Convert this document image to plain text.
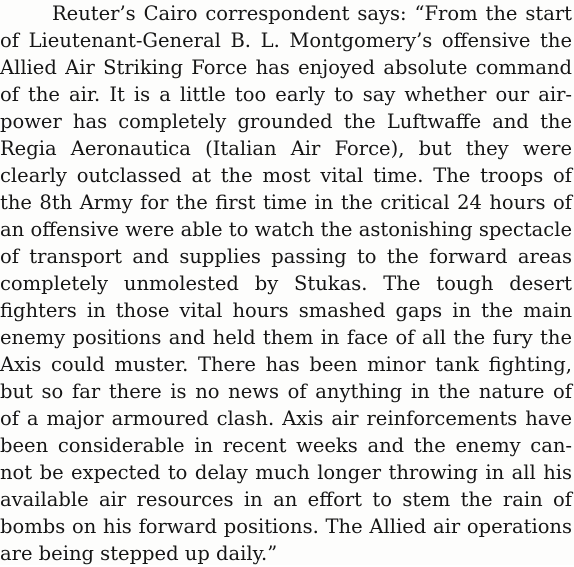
Reuter’s Cairo correspondent says: “From the start
of Lieutenant-General B. L. Montgomery’s offensive the
Allied Air Striking Force has enjoyed absolute command
of the air. It is a little too early to say whether our air-
power has completely grounded the Luftwaffe and the
Regia Aeronautica (Italian Air Force), but they were
clearly outclassed at the most vital time. The troops of
the 8th Army for the first time in the critical 24 hours of
an offensive were able to watch the astonishing spectacle
of transport and supplies passing to the forward areas
completely unmolested by Stukas. The tough desert
fighters in those vital hours smashed gaps in the main
enemy positions and held them in face of all the fury the
Axis could muster. There has been minor tank fighting,
but so far there is no news of anything in the nature of
of a major armoured clash. Axis air reinforcements have
been considerable in recent weeks and the enemy can-
not be expected to delay much longer throwing in all his
available air resources in an effort to stem the rain of
bombs on his forward positions. The Allied air operations
are being stepped up daily.”
